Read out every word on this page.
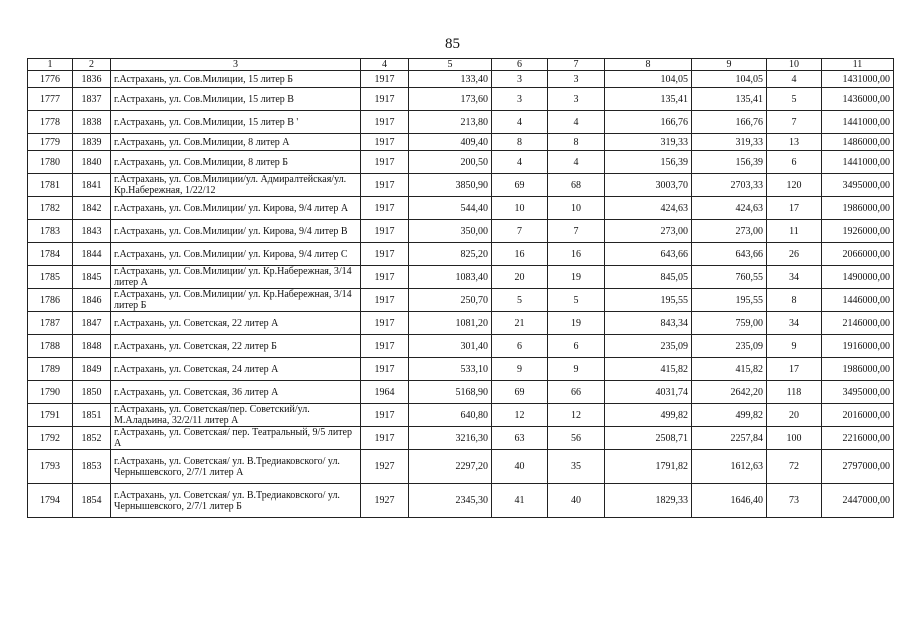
85
1	2	3	4	5	6	7	8	9	10	11
1776	1836	г.Астрахань, ул. Сов.Милиции, 15 литер Б	1917	133,40	3	3	104,05	104,05	4	1431000,00
1777	1837	г.Астрахань, ул. Сов.Милиции, 15 литер В	1917	173,60	3	3	135,41	135,41	5	1436000,00
1778	1838	г.Астрахань, ул. Сов.Милиции, 15 литер В '	1917	213,80	4	4	166,76	166,76	7	1441000,00
1779	1839	г.Астрахань, ул. Сов.Милиции, 8 литер А	1917	409,40	8	8	319,33	319,33	13	1486000,00
1780	1840	г.Астрахань, ул. Сов.Милиции, 8 литер Б	1917	200,50	4	4	156,39	156,39	6	1441000,00
1781	1841	г.Астрахань, ул. Сов.Милиции/ул. Адмиралтейская/ул. Кр.Набережная, 1/22/12	1917	3850,90	69	68	3003,70	2703,33	120	3495000,00
1782	1842	г.Астрахань, ул. Сов.Милиции/ ул. Кирова, 9/4 литер А	1917	544,40	10	10	424,63	424,63	17	1986000,00
1783	1843	г.Астрахань, ул. Сов.Милиции/ ул. Кирова, 9/4 литер В	1917	350,00	7	7	273,00	273,00	11	1926000,00
1784	1844	г.Астрахань, ул. Сов.Милиции/ ул. Кирова, 9/4 литер С	1917	825,20	16	16	643,66	643,66	26	2066000,00
1785	1845	г.Астрахань, ул. Сов.Милиции/ ул. Кр.Набережная, 3/14 литер А	1917	1083,40	20	19	845,05	760,55	34	1490000,00
1786	1846	г.Астрахань, ул. Сов.Милиции/ ул. Кр.Набережная, 3/14 литер Б	1917	250,70	5	5	195,55	195,55	8	1446000,00
1787	1847	г.Астрахань, ул. Советская, 22 литер А	1917	1081,20	21	19	843,34	759,00	34	2146000,00
1788	1848	г.Астрахань, ул. Советская, 22 литер Б	1917	301,40	6	6	235,09	235,09	9	1916000,00
1789	1849	г.Астрахань, ул. Советская, 24 литер А	1917	533,10	9	9	415,82	415,82	17	1986000,00
1790	1850	г.Астрахань, ул. Советская, 36 литер А	1964	5168,90	69	66	4031,74	2642,20	118	3495000,00
1791	1851	г.Астрахань, ул. Советская/пер. Советский/ул. М.Аладьина, 32/2/11 литер А	1917	640,80	12	12	499,82	499,82	20	2016000,00
1792	1852	г.Астрахань, ул. Советская/ пер. Театральный, 9/5 литер А	1917	3216,30	63	56	2508,71	2257,84	100	2216000,00
1793	1853	г.Астрахань, ул. Советская/ ул. В.Тредиаковского/ ул. Чернышевского, 2/7/1 литер А	1927	2297,20	40	35	1791,82	1612,63	72	2797000,00
1794	1854	г.Астрахань, ул. Советская/ ул. В.Тредиаковского/ ул. Чернышевского, 2/7/1 литер Б	1927	2345,30	41	40	1829,33	1646,40	73	2447000,00
